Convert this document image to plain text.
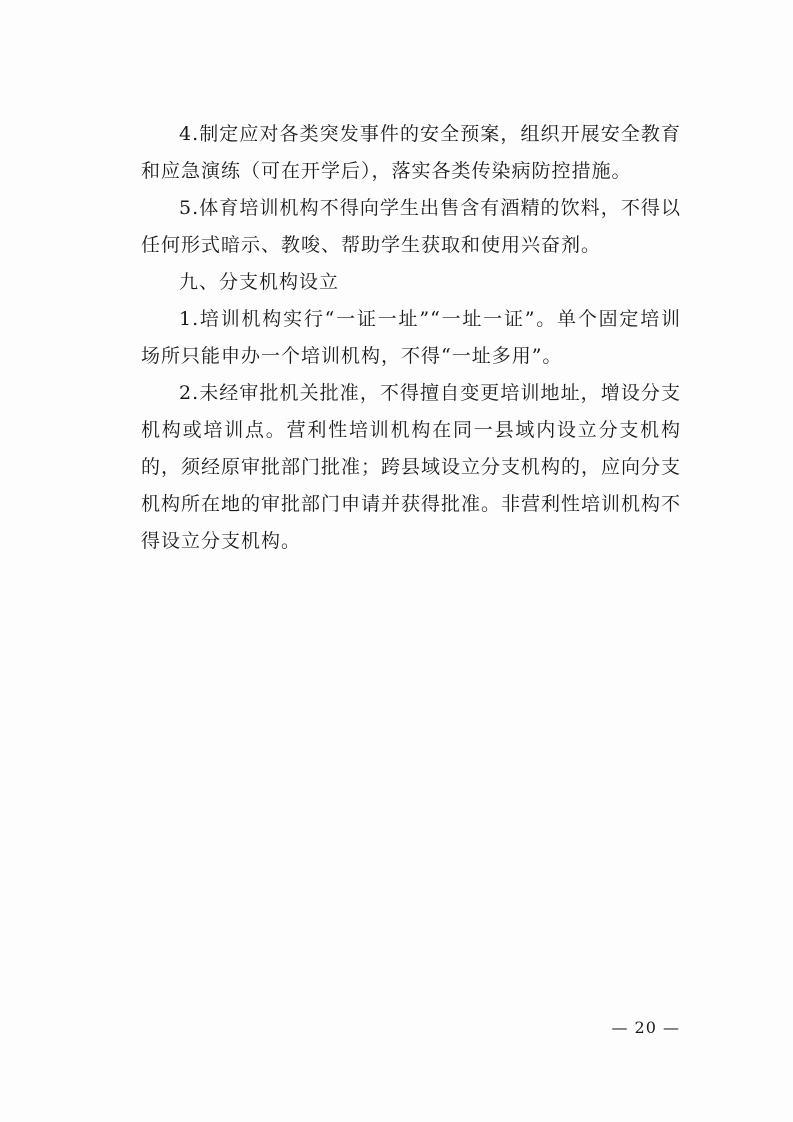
4.制定应对各类突发事件的安全预案，组织开展安全教育和应急演练（可在开学后），落实各类传染病防控措施。

5.体育培训机构不得向学生出售含有酒精的饮料，不得以任何形式暗示、教唆、帮助学生获取和使用兴奋剂。

九、分支机构设立

1.培训机构实行“一证一址”“一址一证”。单个固定培训场所只能申办一个培训机构，不得“一址多用”。

2.未经审批机关批准，不得擅自变更培训地址，增设分支机构或培训点。营利性培训机构在同一县域内设立分支机构的，须经原审批部门批准；跨县域设立分支机构的，应向分支机构所在地的审批部门申请并获得批准。非营利性培训机构不得设立分支机构。

— 20 —
